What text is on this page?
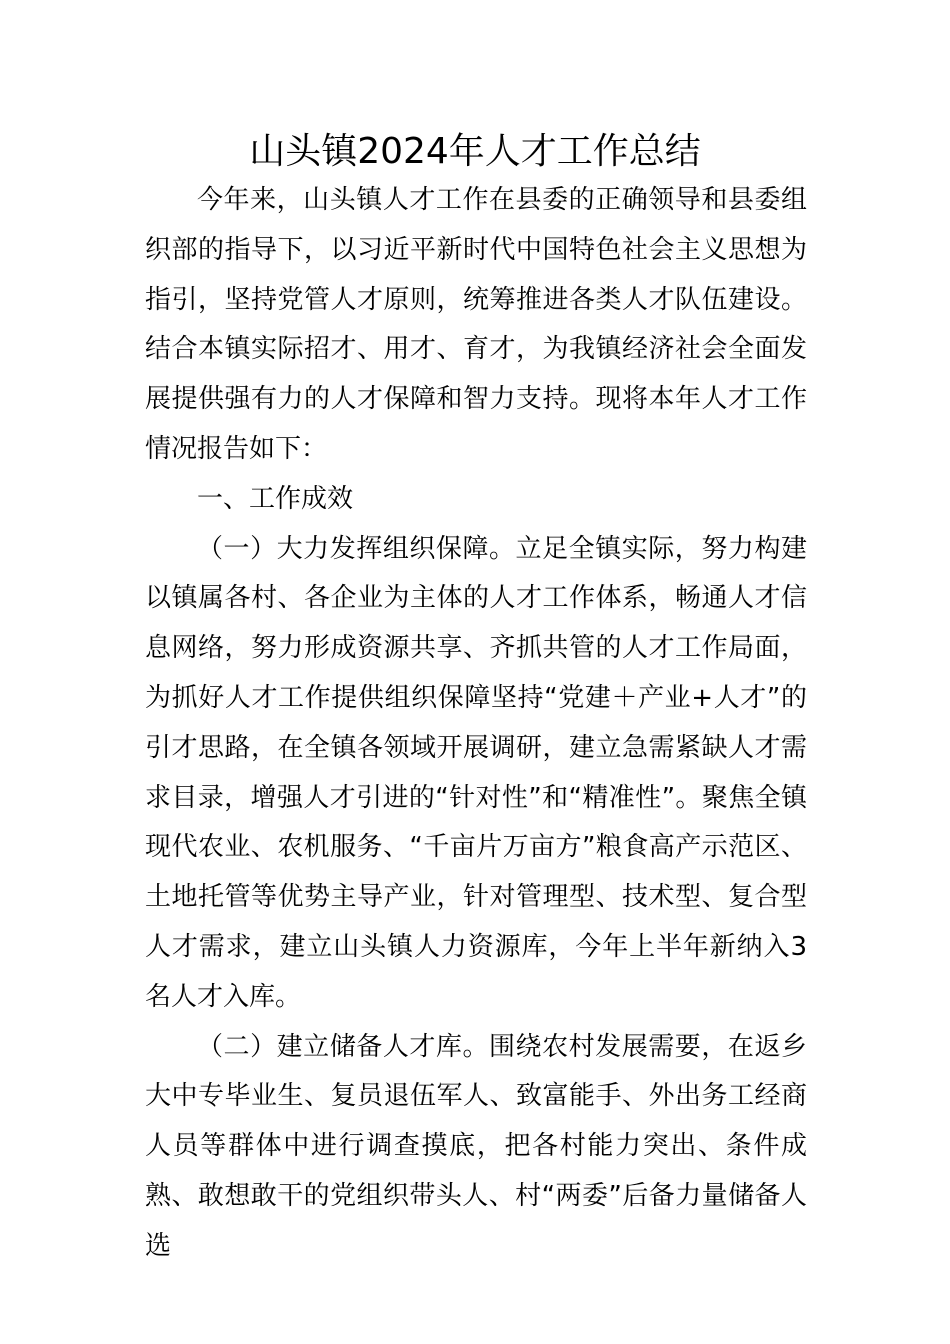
山头镇2024年人才工作总结

今年来，山头镇人才工作在县委的正确领导和县委组织部的指导下，以习近平新时代中国特色社会主义思想为指引，坚持党管人才原则，统筹推进各类人才队伍建设。结合本镇实际招才、用才、育才，为我镇经济社会全面发展提供强有力的人才保障和智力支持。现将本年人才工作情况报告如下：

一、工作成效

（一）大力发挥组织保障。立足全镇实际，努力构建以镇属各村、各企业为主体的人才工作体系，畅通人才信息网络，努力形成资源共享、齐抓共管的人才工作局面，为抓好人才工作提供组织保障坚持“党建＋产业+人才”的引才思路，在全镇各领域开展调研，建立急需紧缺人才需求目录，增强人才引进的“针对性”和“精准性”。聚焦全镇现代农业、农机服务、“千亩片万亩方”粮食高产示范区、土地托管等优势主导产业，针对管理型、技术型、复合型人才需求，建立山头镇人力资源库，今年上半年新纳入3名人才入库。

（二）建立储备人才库。围绕农村发展需要，在返乡大中专毕业生、复员退伍军人、致富能手、外出务工经商人员等群体中进行调查摸底，把各村能力突出、条件成熟、敢想敢干的党组织带头人、村“两委”后备力量储备人选
